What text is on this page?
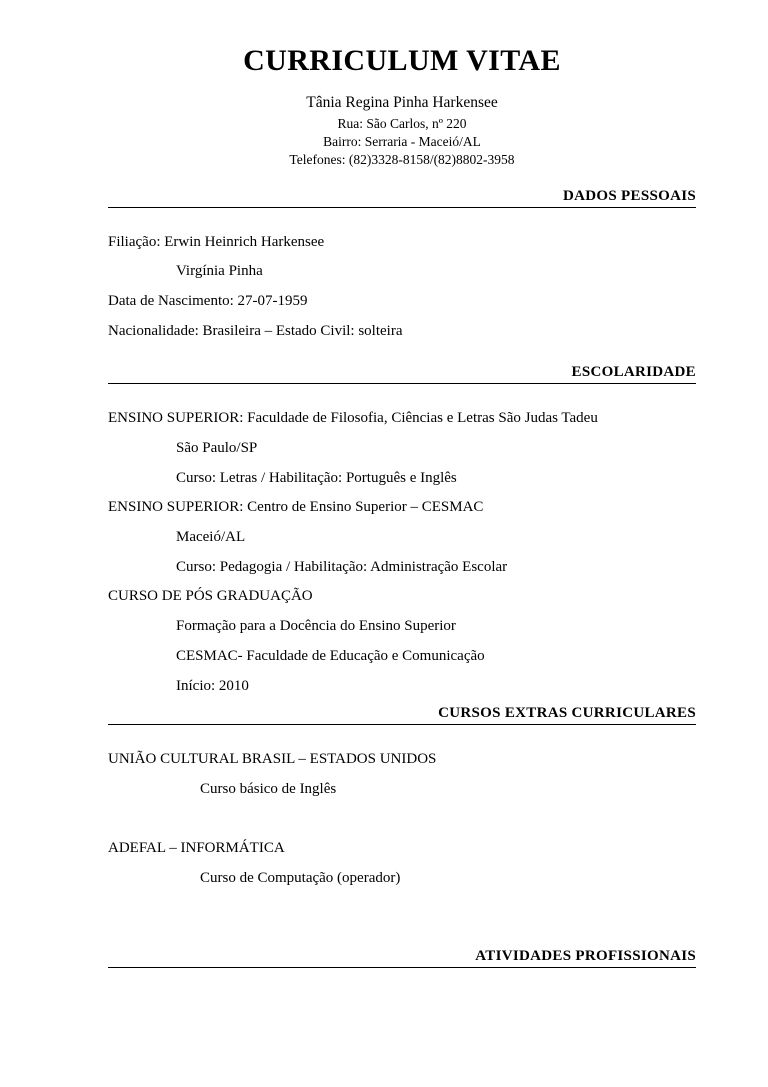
CURRICULUM VITAE
Tânia Regina Pinha Harkensee
Rua: São Carlos, nº 220
Bairro: Serraria - Maceió/AL
Telefones: (82)3328-8158/(82)8802-3958
DADOS PESSOAIS
Filiação: Erwin Heinrich Harkensee
Virgínia Pinha
Data de Nascimento: 27-07-1959
Nacionalidade: Brasileira – Estado Civil: solteira
ESCOLARIDADE
ENSINO SUPERIOR: Faculdade de Filosofia, Ciências e Letras São Judas Tadeu
São Paulo/SP
Curso: Letras / Habilitação: Português e Inglês
ENSINO SUPERIOR: Centro de Ensino Superior – CESMAC
Maceió/AL
Curso: Pedagogia / Habilitação: Administração Escolar
CURSO DE PÓS GRADUAÇÃO
Formação para a Docência do Ensino Superior
CESMAC- Faculdade de Educação e Comunicação
Início: 2010
CURSOS EXTRAS CURRICULARES
UNIÃO CULTURAL BRASIL – ESTADOS UNIDOS
Curso básico de Inglês

ADEFAL – INFORMÁTICA
Curso de Computação (operador)
ATIVIDADES PROFISSIONAIS
